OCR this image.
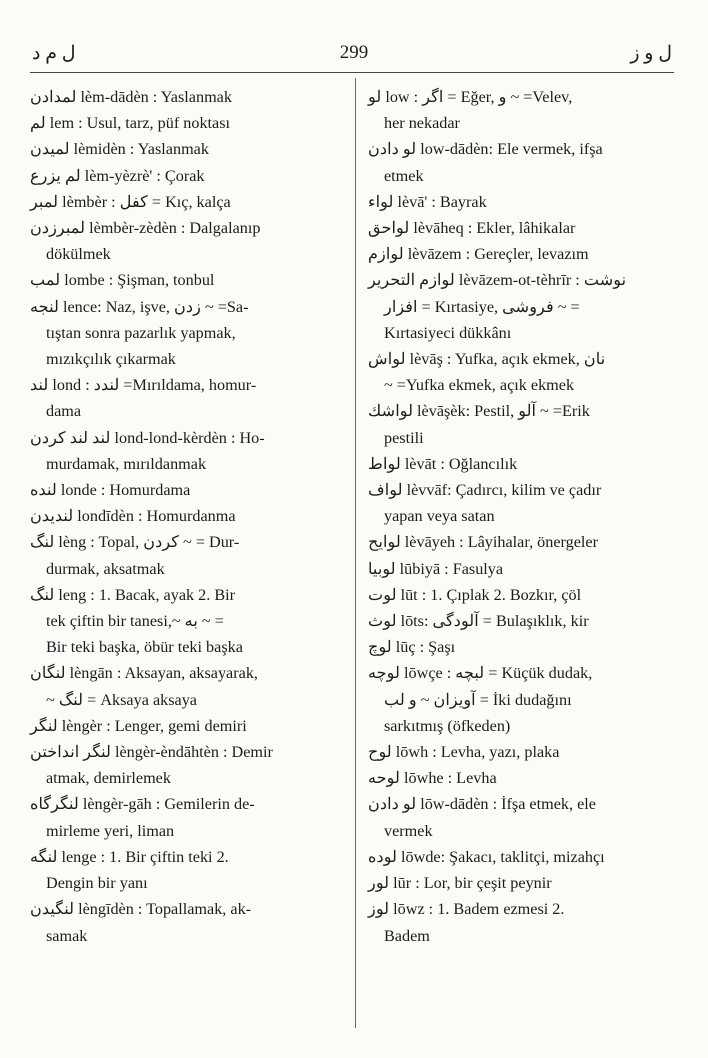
ل م د	299	ل و ز
لمدادن lèm-dādèn : Yaslanmak
لم lem : Usul, tarz, püf noktası
لميدن lèmidèn : Yaslanmak
لم يزرع lèm-yèzrè' : Çorak
لمبر lèmbèr : كفل = Kıç, kalça
لمبرزدن lèmbèr-zèdèn : Dalgalanıp
dökülmek
لمب lombe : Şişman, tonbul
لنجه lence: Naz, işve, زدن ~ =Sa-
tıştan sonra pazarlık yapmak,
mızıkçılık çıkarmak
لند lond : لندد =Mırıldama, homur-
dama
لند لند كردن lond-lond-kèrdèn : Ho-
murdamak, mırıldanmak
لنده londe : Homurdama
لنديدن londīdèn : Homurdanma
لنگ lèng : Topal, كردن ~ = Dur-
durmak, aksatmak
لنگ leng : 1. Bacak, ayak 2. Bir
tek çiftin bir tanesi,~ به ~ =
Bir teki başka, öbür teki başka
لنگان lèngān : Aksayan, aksayarak,
~ لنگ = Aksaya aksaya
لنگر lèngèr : Lenger, gemi demiri
لنگر انداختن lèngèr-èndāhtèn : Demir
atmak, demirlemek
لنگرگاه lèngèr-gāh : Gemilerin de-
mirleme yeri, liman
لنگه lenge : 1. Bir çiftin teki 2.
Dengin bir yanı
لنگيدن lèngīdèn : Topallamak, ak-
samak
لو low : اگر = Eğer, و ~ =Velev,
her nekadar
لو دادن low-dādèn: Ele vermek, ifşa
etmek
لواء lèvā' : Bayrak
لواحق lèvāheq : Ekler, lâhikalar
لوازم lèvāzem : Gereçler, levazım
لوازم التحرير lèvāzem-ot-tèhrīr : نوشت
افزار = Kırtasiye, فروشی ~ =
Kırtasiyeci dükkânı
لواش lèvāş : Yufka, açık ekmek, نان
~ =Yufka ekmek, açık ekmek
لواشك lèvāşèk: Pestil, آلو ~ =Erik
pestili
لواط lèvāt : Oğlancılık
لواف lèvvāf: Çadırcı, kilim ve çadır
yapan veya satan
لوايح lèvāyeh : Lâyihalar, önergeler
لوبيا lūbiyā : Fasulya
لوت lūt : 1. Çıplak 2. Bozkır, çöl
لوث lōts: آلودگى = Bulaşıklık, kir
لوچ lūç : Şaşı
لوچه lōwçe : لبچه = Küçük dudak,
آويزان ~ و لب = İki dudağını
sarkıtmış (öfkeden)
لوح lōwh : Levha, yazı, plaka
لوحه lōwhe : Levha
لو دادن lōw-dādèn : İfşa etmek, ele
vermek
لوده lōwde: Şakacı, taklitçi, mizahçı
لور lūr : Lor, bir çeşit peynir
لوز lōwz : 1. Badem ezmesi 2.
Badem
